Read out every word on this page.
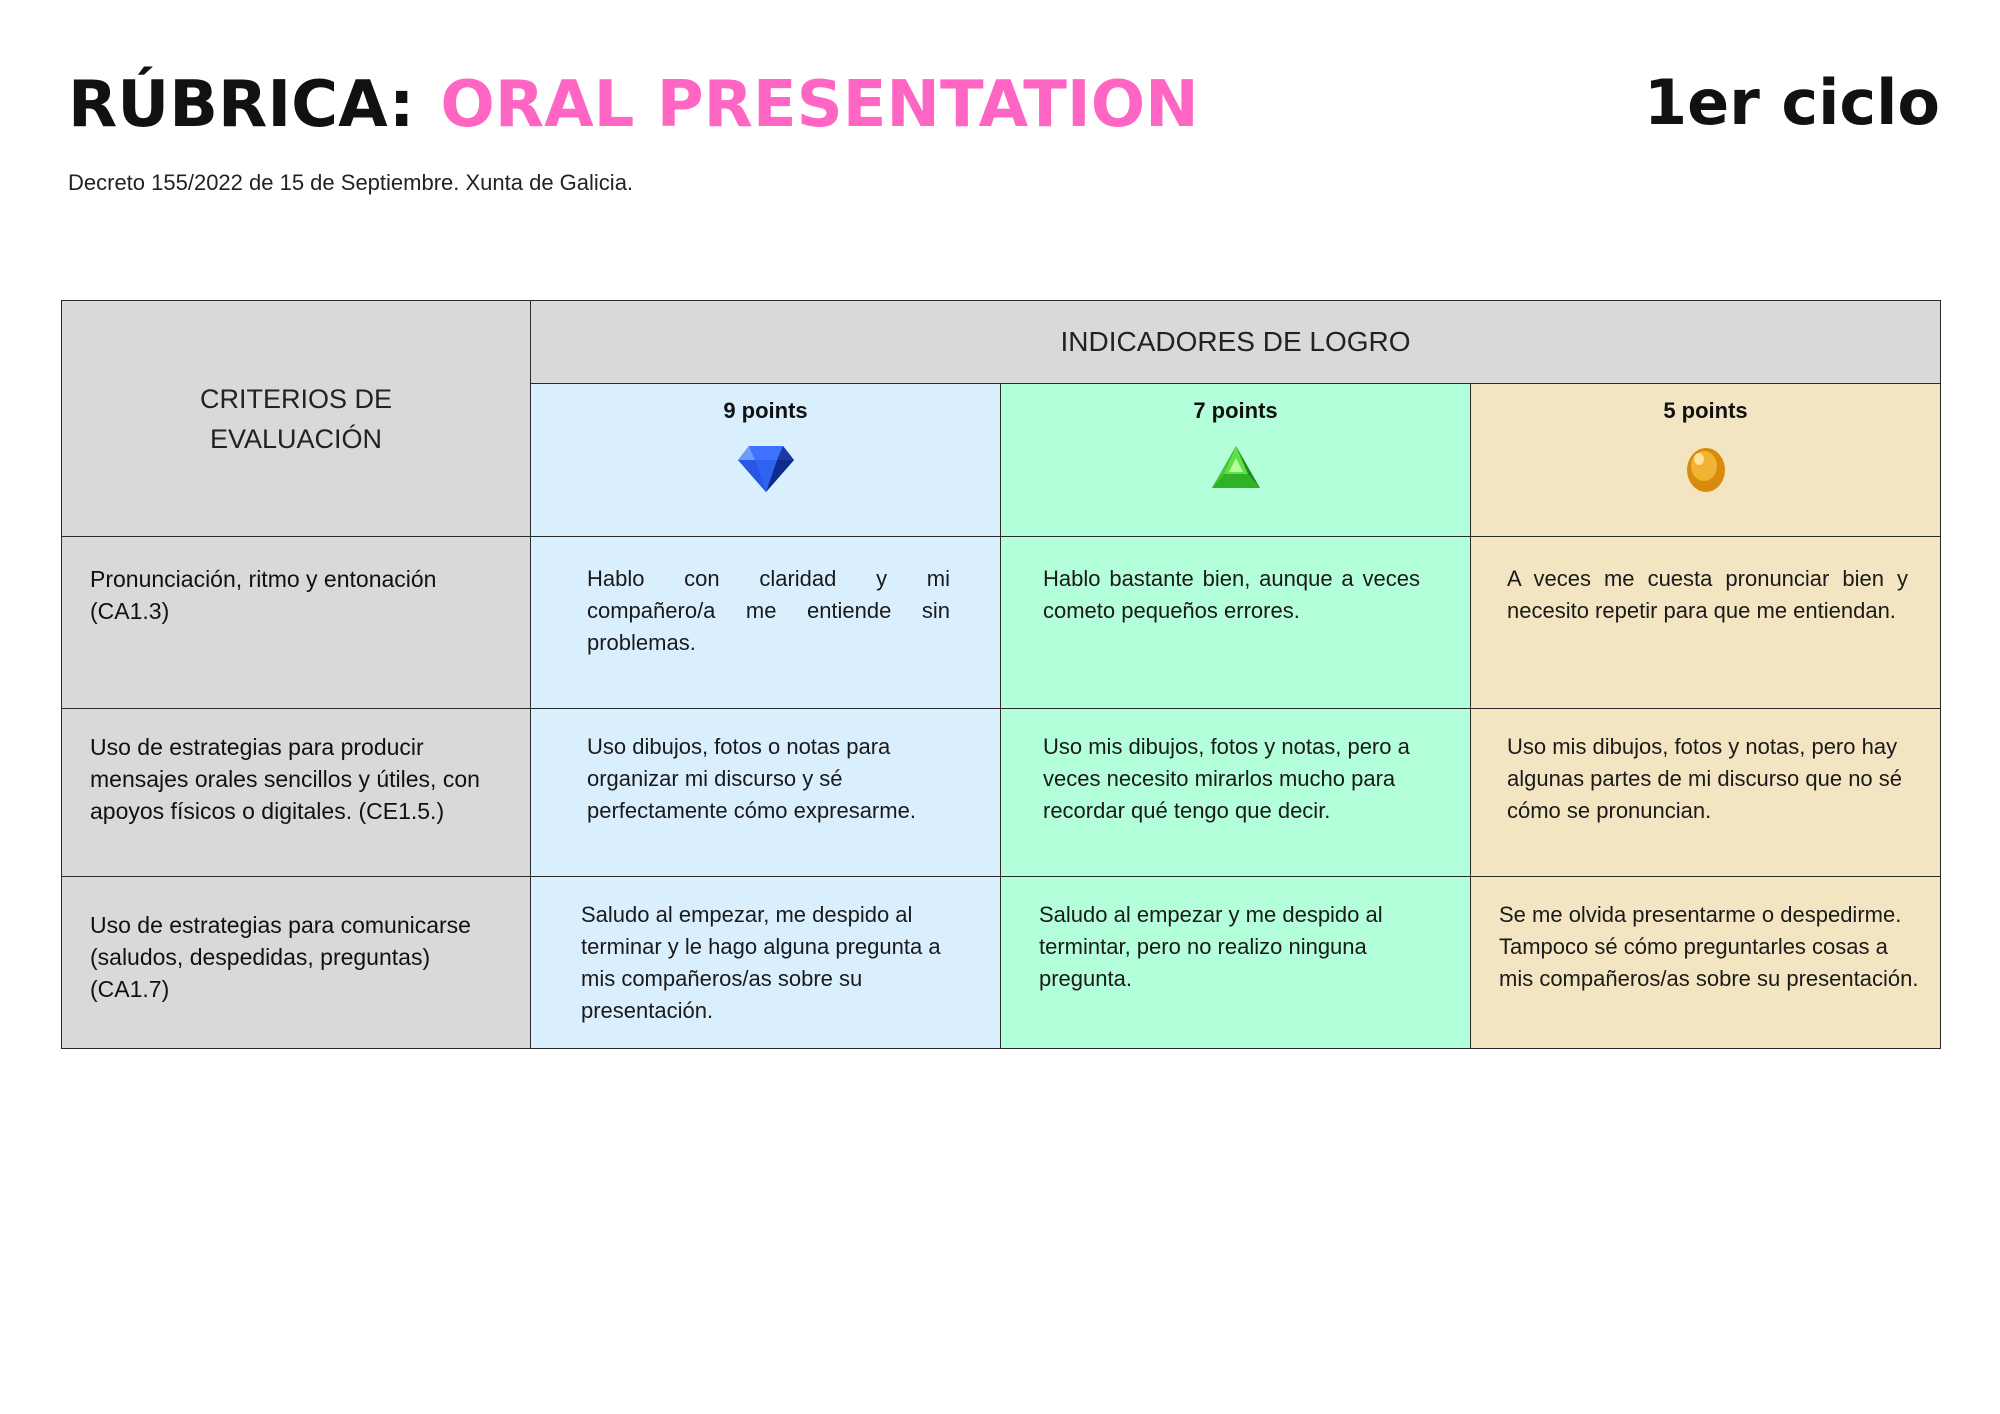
RÚBRICA: ORAL PRESENTATION	1er ciclo
Decreto 155/2022 de 15 de Septiembre. Xunta de Galicia.
CRITERIOS DE EVALUACIÓN	INDICADORES DE LOGRO		

	9 points	7 points	5 points

Pronunciación, ritmo y entonación (CA1.3)	Hablo con claridad y mi compañero/a me entiende sin problemas.	Hablo bastante bien, aunque a veces cometo pequeños errores.	A veces me cuesta pronunciar bien y necesito repetir para que me entiendan.
Uso de estrategias para producir mensajes orales sencillos y útiles, con apoyos físicos o digitales. (CE1.5.)	Uso dibujos, fotos o notas para organizar mi discurso y sé perfectamente cómo expresarme.	Uso mis dibujos, fotos y notas, pero a veces necesito mirarlos mucho para recordar qué tengo que decir.	Uso mis dibujos, fotos y notas, pero hay algunas partes de mi discurso que no sé cómo se pronuncian.
Uso de estrategias para comunicarse (saludos, despedidas, preguntas) (CA1.7)	Saludo al empezar, me despido al terminar y le hago alguna pregunta a mis compañeros/as sobre su presentación.	Saludo al empezar y me despido al termintar, pero no realizo ninguna pregunta.	Se me olvida presentarme o despedirme. Tampoco sé cómo preguntarles cosas a mis compañeros/as sobre su presentación.
